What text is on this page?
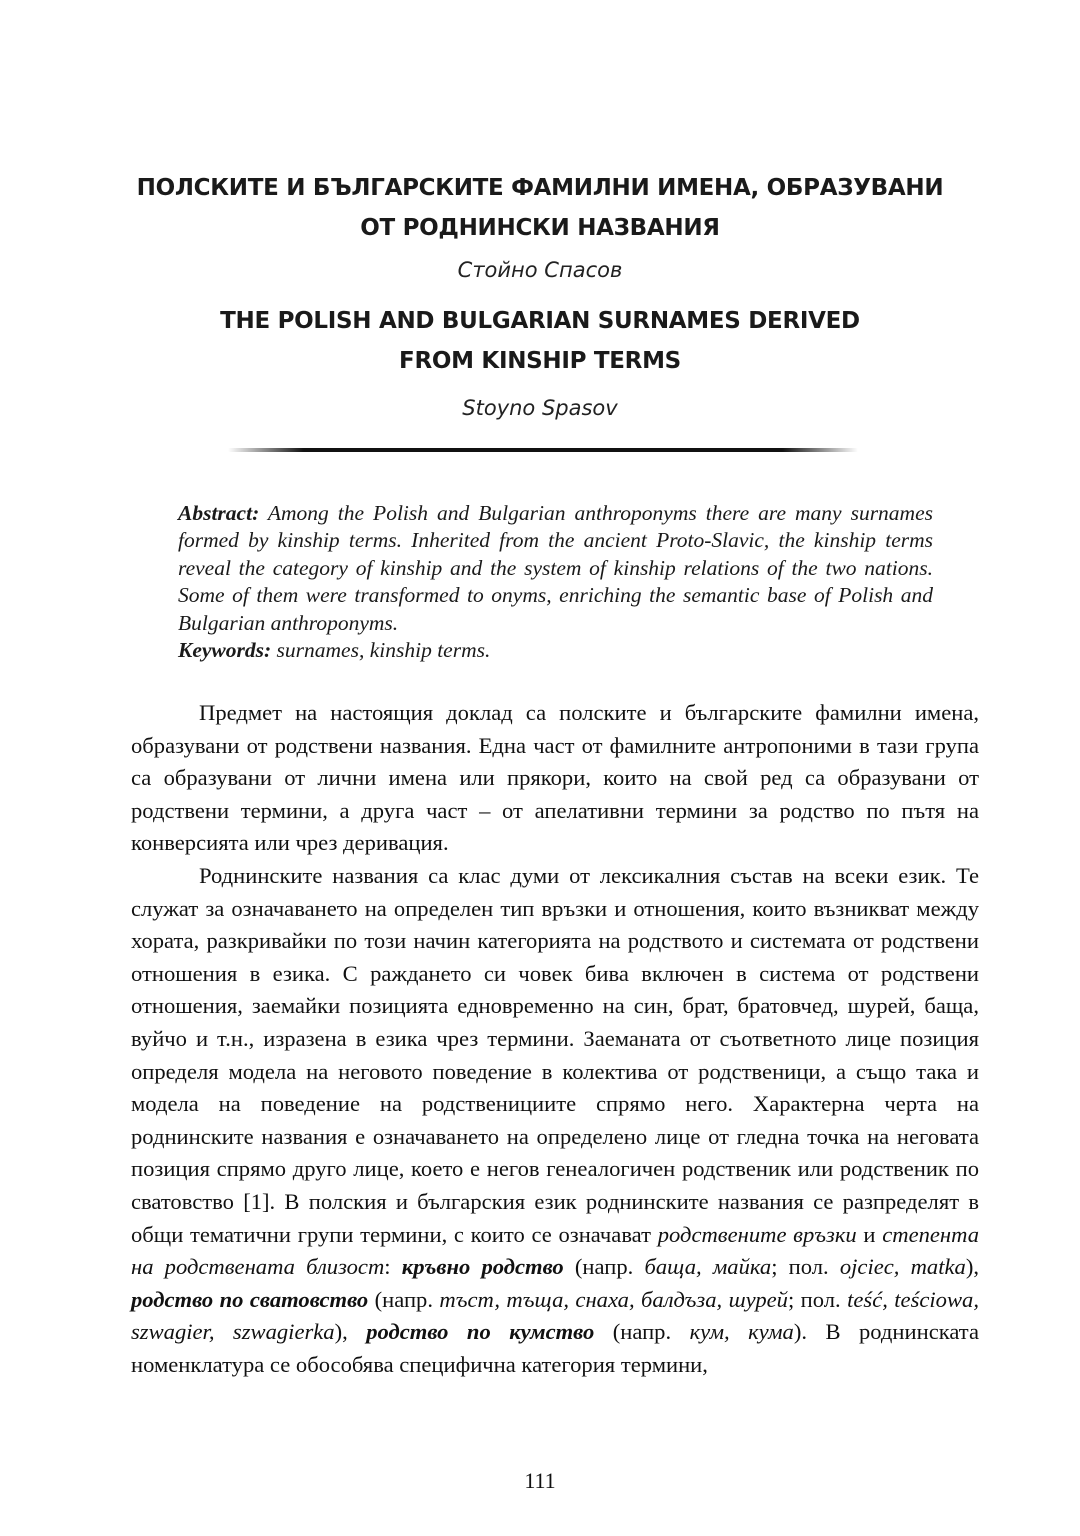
ПОЛСКИТЕ И БЪЛГАРСКИТЕ ФАМИЛНИ ИМЕНА, ОБРАЗУВАНИ
ОТ РОДНИНСКИ НАЗВАНИЯ
Стойно Спасов
THE POLISH AND BULGARIAN SURNAMES DERIVED
FROM KINSHIP TERMS
Stoyno Spasov
Abstract: Among the Polish and Bulgarian anthroponyms there are many surnames formed by kinship terms. Inherited from the ancient Proto-Slavic, the kinship terms reveal the category of kinship and the system of kinship relations of the two nations. Some of them were transformed to onyms, enriching the semantic base of Polish and Bulgarian anthroponyms.
Keywords: surnames, kinship terms.

Предмет на настоящия доклад са полските и българските фамилни имена, образувани от родствени названия. Една част от фамилните антропоними в тази група са образувани от лични имена или прякори, които на свой ред са образувани от родствени термини, а друга част – от апелативни термини за родство по пътя на конверсията или чрез деривация.

Роднинските названия са клас думи от лексикалния състав на всеки език. Те служат за означаването на определен тип връзки и отношения, които възникват между хората, разкривайки по този начин категорията на родството и системата от родствени отношения в езика. С раждането си човек бива включен в система от родствени отношения, заемайки позицията едновременно на син, брат, братовчед, шурей, баща, вуйчо и т.н., изразена в езика чрез термини. Заеманата от съответното лице позиция определя модела на неговото поведение в колектива от родственици, а също така и модела на поведение на родственициите спрямо него. Характерна черта на роднинските названия е означаването на определено лице от гледна точка на неговата позиция спрямо друго лице, което е негов генеалогичен родственик или родственик по сватовство [1]. В полския и българския език роднинските названия се разпределят в общи тематични групи термини, с които се означават родствените връзки и степента на родствената близост: кръвно родство (напр. баща, майка; пол. ojciec, matka), родство по сватовство (напр. тъст, тъща, снаха, балдъза, шурей; пол. teść, teściowa, szwagier, szwagierka), родство по кумство (напр. кум, кума). В роднинската номенклатура се обособява специфична категория термини,

111
